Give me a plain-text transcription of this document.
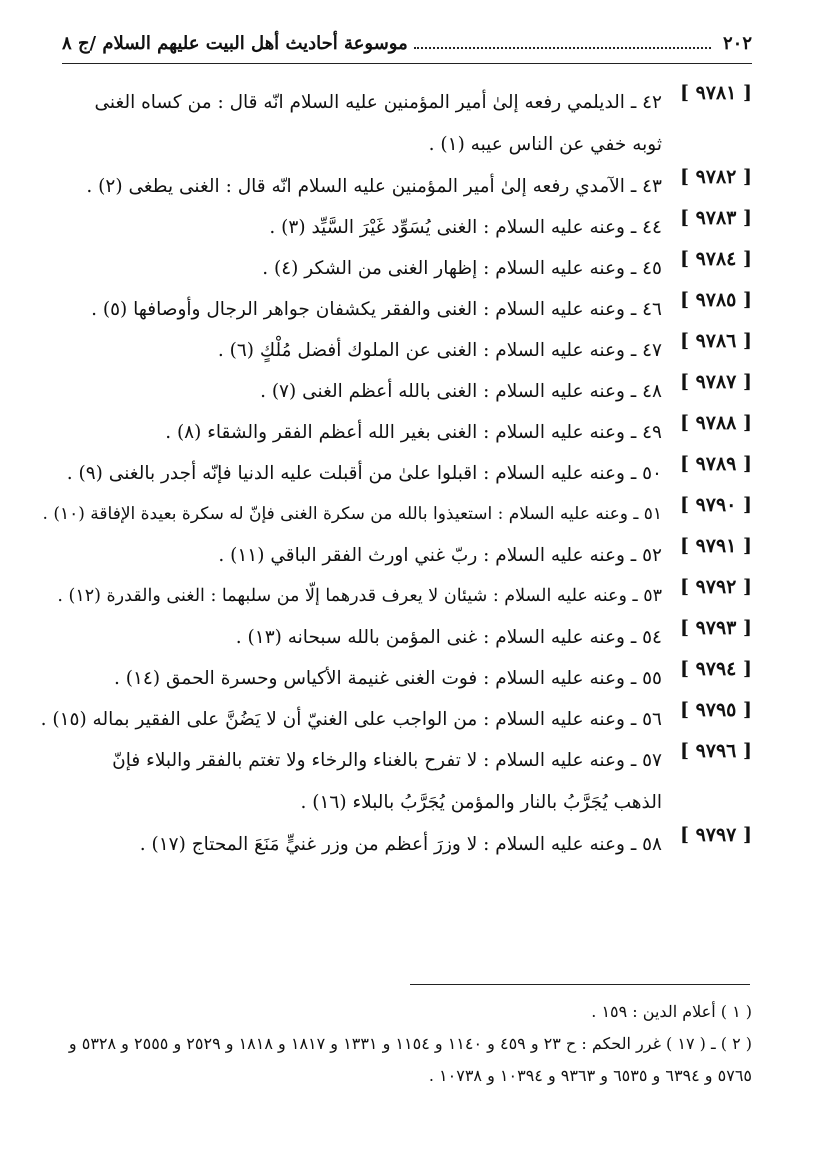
٢٠٢
موسوعة أحاديث أهل البيت عليهم السلام /ج ٨
[ ٩٧٨١ ]
٤٢ ـ الديلمي رفعه إلىٰ أمير المؤمنين عليه السلام انّه قال : من كساه الغنى ثوبه خفي عن الناس عيبه (١) .
[ ٩٧٨٢ ]
٤٣ ـ الآمدي رفعه إلىٰ أمير المؤمنين عليه السلام انّه قال : الغنى يطغى (٢) .
[ ٩٧٨٣ ]
٤٤ ـ وعنه عليه السلام : الغنى يُسَوِّد غَيْرَ السَّيِّد (٣) .
[ ٩٧٨٤ ]
٤٥ ـ وعنه عليه السلام : إظهار الغنى من الشكر (٤) .
[ ٩٧٨٥ ]
٤٦ ـ وعنه عليه السلام : الغنى والفقر يكشفان جواهر الرجال وأوصافها (٥) .
[ ٩٧٨٦ ]
٤٧ ـ وعنه عليه السلام : الغنى عن الملوك أفضل مُلْكٍ (٦) .
[ ٩٧٨٧ ]
٤٨ ـ وعنه عليه السلام : الغنى بالله أعظم الغنى (٧) .
[ ٩٧٨٨ ]
٤٩ ـ وعنه عليه السلام : الغنى بغير الله أعظم الفقر والشقاء (٨) .
[ ٩٧٨٩ ]
٥٠ ـ وعنه عليه السلام : اقبلوا علىٰ من أقبلت عليه الدنيا فإنّه أجدر بالغنى (٩) .
[ ٩٧٩٠ ]
٥١ ـ وعنه عليه السلام : استعيذوا بالله من سكرة الغنى فإنّ له سكرة بعيدة الإفاقة (١٠) .
[ ٩٧٩١ ]
٥٢ ـ وعنه عليه السلام : ربّ غني اورث الفقر الباقي (١١) .
[ ٩٧٩٢ ]
٥٣ ـ وعنه عليه السلام : شيئان لا يعرف قدرهما إلّا من سلبهما : الغنى والقدرة (١٢) .
[ ٩٧٩٣ ]
٥٤ ـ وعنه عليه السلام : غنى المؤمن بالله سبحانه (١٣) .
[ ٩٧٩٤ ]
٥٥ ـ وعنه عليه السلام : فوت الغنى غنيمة الأكياس وحسرة الحمق (١٤) .
[ ٩٧٩٥ ]
٥٦ ـ وعنه عليه السلام : من الواجب على الغنيّ أن لا يَضُنَّ على الفقير بماله (١٥) .
[ ٩٧٩٦ ]
٥٧ ـ وعنه عليه السلام : لا تفرح بالغناء والرخاء ولا تغتم بالفقر والبلاء فإنّ الذهب يُجَرَّبُ بالنار والمؤمن يُجَرَّبُ بالبلاء (١٦) .
[ ٩٧٩٧ ]
٥٨ ـ وعنه عليه السلام : لا وزرَ أعظم من وزر غنيٍّ مَنَعَ المحتاج (١٧) .
( ١ ) أعلام الدين : ١٥٩ .
( ٢ ) ـ ( ١٧ ) غرر الحكم : ح ٢٣ و ٤٥٩ و ١١٤٠ و ١١٥٤ و ١٣٣١ و ١٨١٧ و ١٨١٨ و ٢٥٢٩ و ٢٥٥٥ و ٥٣٢٨ و ٥٧٦٥ و ٦٣٩٤ و ٦٥٣٥ و ٩٣٦٣ و ١٠٣٩٤ و ١٠٧٣٨ .
